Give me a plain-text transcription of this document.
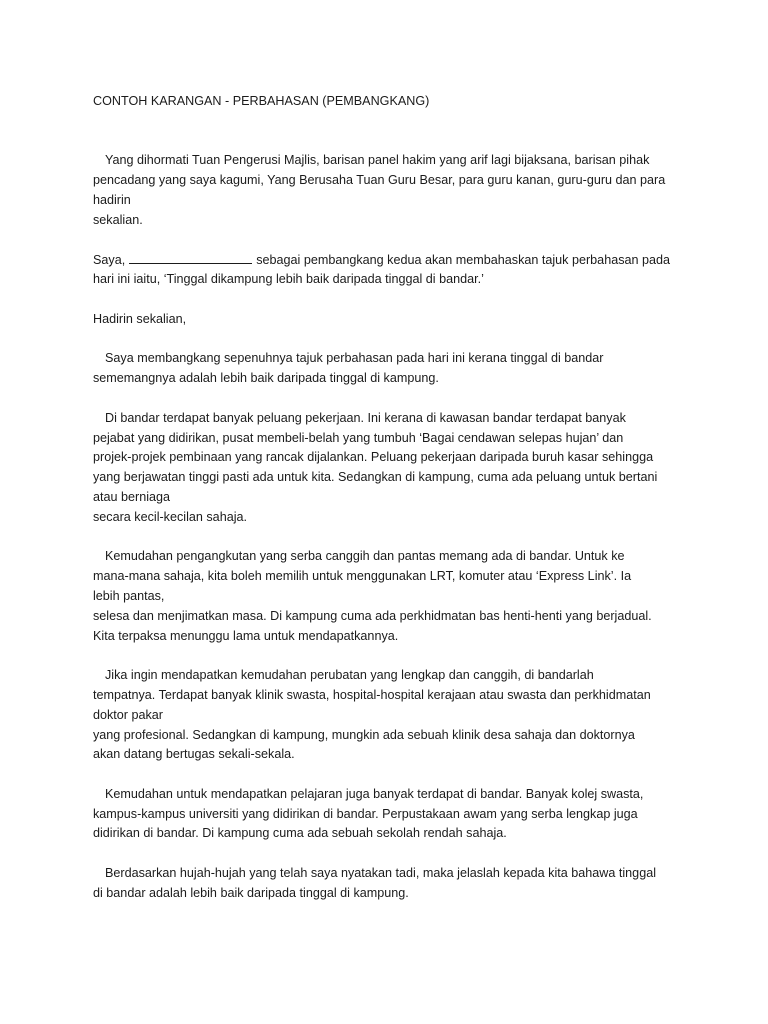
CONTOH KARANGAN - PERBAHASAN (PEMBANGKANG)
Yang dihormati Tuan Pengerusi Majlis, barisan panel hakim yang arif lagi bijaksana, barisan pihak
pencadang yang saya kagumi, Yang Berusaha Tuan Guru Besar, para guru kanan, guru-guru dan para
hadirin
sekalian.
Saya,	sebagai pembangkang kedua akan membahaskan tajuk perbahasan pada
hari ini iaitu, ‘Tinggal dikampung lebih baik daripada tinggal di bandar.’
Hadirin sekalian,
Saya membangkang sepenuhnya tajuk perbahasan pada hari ini kerana tinggal di bandar
sememangnya adalah lebih baik daripada tinggal di kampung.
Di bandar terdapat banyak peluang pekerjaan. Ini kerana di kawasan bandar terdapat banyak
pejabat yang didirikan, pusat membeli-belah yang tumbuh ‘Bagai cendawan selepas hujan’ dan
projek-projek pembinaan yang rancak dijalankan. Peluang pekerjaan daripada buruh kasar sehingga
yang berjawatan tinggi pasti ada untuk kita. Sedangkan di kampung, cuma ada peluang untuk bertani
atau berniaga
secara kecil-kecilan sahaja.
Kemudahan pengangkutan yang serba canggih dan pantas memang ada di bandar. Untuk ke
mana-mana sahaja, kita boleh memilih untuk menggunakan LRT, komuter atau ‘Express Link’. Ia
lebih pantas,
selesa dan menjimatkan masa. Di kampung cuma ada perkhidmatan bas henti-henti yang berjadual.
Kita terpaksa menunggu lama untuk mendapatkannya.
Jika ingin mendapatkan kemudahan perubatan yang lengkap dan canggih, di bandarlah
tempatnya. Terdapat banyak klinik swasta, hospital-hospital kerajaan atau swasta dan perkhidmatan
doktor pakar
yang profesional. Sedangkan di kampung, mungkin ada sebuah klinik desa sahaja dan doktornya
akan datang bertugas sekali-sekala.
Kemudahan untuk mendapatkan pelajaran juga banyak terdapat di bandar. Banyak kolej swasta,
kampus-kampus universiti yang didirikan di bandar. Perpustakaan awam yang serba lengkap juga
didirikan di bandar. Di kampung cuma ada sebuah sekolah rendah sahaja.
Berdasarkan hujah-hujah yang telah saya nyatakan tadi, maka jelaslah kepada kita bahawa tinggal
di bandar adalah lebih baik daripada tinggal di kampung.
